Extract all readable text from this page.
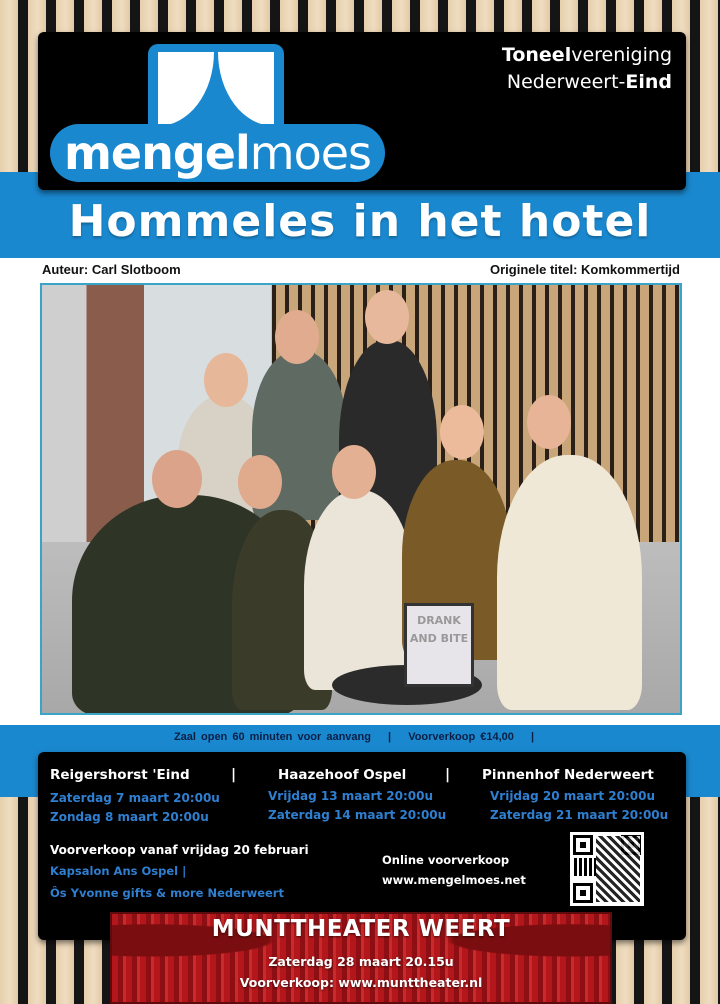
mengel moes
Toneelvereniging
Nederweert-Eind
Hommeles in het hotel
Auteur: Carl Slotboom	Originele titel: Komkommertijd
DRANK AND BITE
Zaal open 60 minuten voor aanvang | Voorverkoop €14,00 |
Reigershorst 'Eind
Zaterdag 7 maart 20:00u
Zondag 8 maart 20:00u
Haazehoof Ospel
Vrijdag 13 maart 20:00u
Zaterdag 14 maart 20:00u
Pinnenhof Nederweert
Vrijdag 20 maart 20:00u
Zaterdag 21 maart 20:00u
|	|
Voorverkoop vanaf vrijdag 20 februari
Kapsalon Ans Ospel |
Ôs Yvonne gifts & more Nederweert
Online voorverkoop
www.mengelmoes.net
MUNTTHEATER WEERT
Zaterdag 28 maart 20.15u
Voorverkoop: www.munttheater.nl
